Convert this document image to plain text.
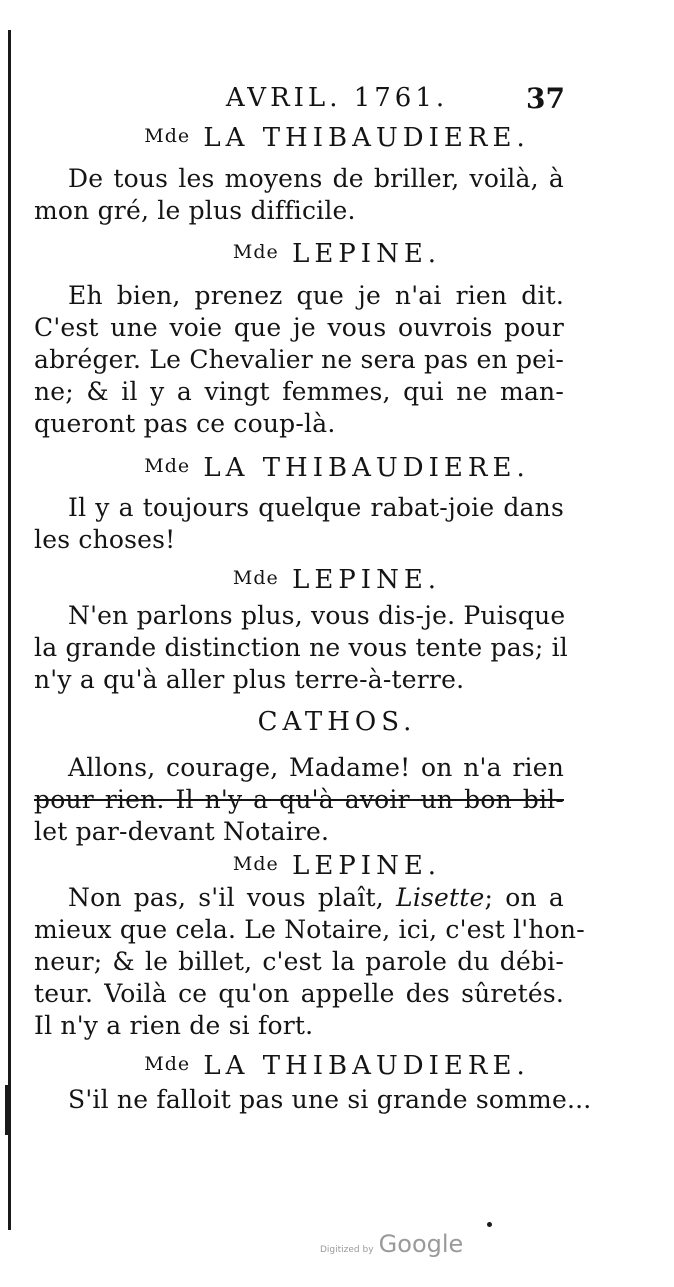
AVRIL. 1761.	37
Mde LA THIBAUDIERE.
De tous les moyens de briller, voilà, à
mon gré, le plus difficile.
Mde LEPINE.
Eh bien, prenez que je n'ai rien dit.
C'est une voie que je vous ouvrois pour
abréger. Le Chevalier ne sera pas en pei-
ne; & il y a vingt femmes, qui ne man-
queront pas ce coup-là.
Mde LA THIBAUDIERE.
Il y a toujours quelque rabat-joie dans
les choses!
Mde LEPINE.
N'en parlons plus, vous dis-je. Puisque
la grande distinction ne vous tente pas; il
n'y a qu'à aller plus terre-à-terre.
CATHOS.
Allons, courage, Madame! on n'a rien
pour rien. Il n'y a qu'à avoir un bon bil-
let par-devant Notaire.
Mde LEPINE.
Non pas, s'il vous plaît, Lisette; on a
mieux que cela. Le Notaire, ici, c'est l'hon-
neur; & le billet, c'est la parole du débi-
teur. Voilà ce qu'on appelle des sûretés.
Il n'y a rien de si fort.
Mde LA THIBAUDIERE.
S'il ne falloit pas une si grande somme...
Digitized by Google
